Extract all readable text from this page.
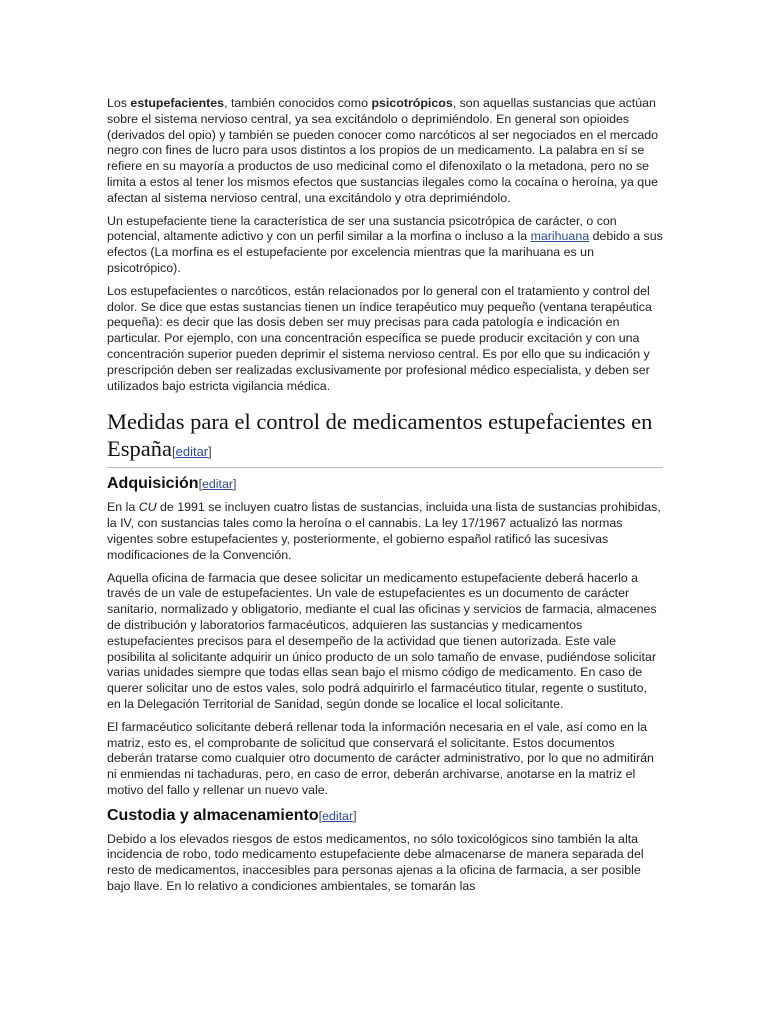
Los estupefacientes, también conocidos como psicotrópicos, son aquellas sustancias que actúan sobre el sistema nervioso central, ya sea excitándolo o deprimiéndolo. En general son opioides (derivados del opio) y también se pueden conocer como narcóticos al ser negociados en el mercado negro con fines de lucro para usos distintos a los propios de un medicamento. La palabra en sí se refiere en su mayoría a productos de uso medicinal como el difenoxilato o la metadona, pero no se limita a estos al tener los mismos efectos que sustancias ilegales como la cocaína o heroína, ya que afectan al sistema nervioso central, una excitándolo y otra deprimiéndolo.

Un estupefaciente tiene la característica de ser una sustancia psicotrópica de carácter, o con potencial, altamente adictivo y con un perfil similar a la morfina o incluso a la marihuana debido a sus efectos (La morfina es el estupefaciente por excelencia mientras que la marihuana es un psicotrópico).

Los estupefacientes o narcóticos, están relacionados por lo general con el tratamiento y control del dolor. Se dice que estas sustancias tienen un índice terapéutico muy pequeño (ventana terapéutica pequeña): es decir que las dosis deben ser muy precisas para cada patología e indicación en particular. Por ejemplo, con una concentración específica se puede producir excitación y con una concentración superior pueden deprimir el sistema nervioso central. Es por ello que su indicación y prescripción deben ser realizadas exclusivamente por profesional médico especialista, y deben ser utilizados bajo estricta vigilancia médica.

Medidas para el control de medicamentos estupefacientes en España[editar]
Adquisición[editar]

En la CU de 1991 se incluyen cuatro listas de sustancias, incluida una lista de sustancias prohibidas, la IV, con sustancias tales como la heroína o el cannabis. La ley 17/1967 actualizó las normas vigentes sobre estupefacientes y, posteriormente, el gobierno español ratificó las sucesivas modificaciones de la Convención.

Aquella oficina de farmacia que desee solicitar un medicamento estupefaciente deberá hacerlo a través de un vale de estupefacientes. Un vale de estupefacientes es un documento de carácter sanitario, normalizado y obligatorio, mediante el cual las oficinas y servicios de farmacia, almacenes de distribución y laboratorios farmacéuticos, adquieren las sustancias y medicamentos estupefacientes precisos para el desempeño de la actividad que tienen autorizada. Este vale posibilita al solicitante adquirir un único producto de un solo tamaño de envase, pudiéndose solicitar varias unidades siempre que todas ellas sean bajo el mismo código de medicamento. En caso de querer solicitar uno de estos vales, solo podrá adquirirlo el farmacéutico titular, regente o sustituto, en la Delegación Territorial de Sanidad, según donde se localice el local solicitante.

El farmacéutico solicitante deberá rellenar toda la información necesaria en el vale, así como en la matriz, esto es, el comprobante de solicitud que conservará el solicitante. Estos documentos deberán tratarse como cualquier otro documento de carácter administrativo, por lo que no admitirán ni enmiendas ni tachaduras, pero, en caso de error, deberán archivarse, anotarse en la matriz el motivo del fallo y rellenar un nuevo vale.

Custodia y almacenamiento[editar]

Debido a los elevados riesgos de estos medicamentos, no sólo toxicológicos sino también la alta incidencia de robo, todo medicamento estupefaciente debe almacenarse de manera separada del resto de medicamentos, inaccesibles para personas ajenas a la oficina de farmacia, a ser posible bajo llave. En lo relativo a condiciones ambientales, se tomarán las
